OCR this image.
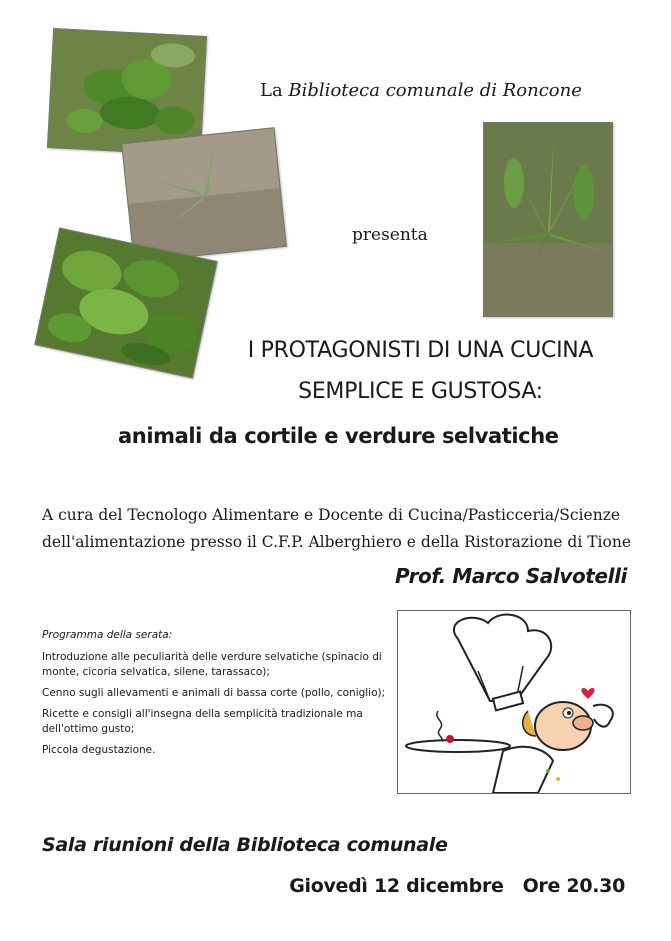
La Biblioteca comunale di Roncone
presenta
I PROTAGONISTI DI UNA CUCINA
SEMPLICE E GUSTOSA:
animali da cortile e verdure selvatiche
A cura del Tecnologo Alimentare e Docente di Cucina/Pasticceria/Scienze
dell'alimentazione presso il C.F.P. Alberghiero e della Ristorazione di Tione
Prof. Marco Salvotelli
Programma della serata:
Introduzione alle peculiarità delle verdure selvatiche (spinacio di monte, cicoria selvatica, silene, tarassaco);
Cenno sugli allevamenti e animali di bassa corte (pollo, coniglio);
Ricette e consigli all'insegna della semplicità tradizionale ma dell'ottimo gusto;
Piccola degustazione.
Sala riunioni della Biblioteca comunale
Giovedì 12 dicembre Ore 20.30
